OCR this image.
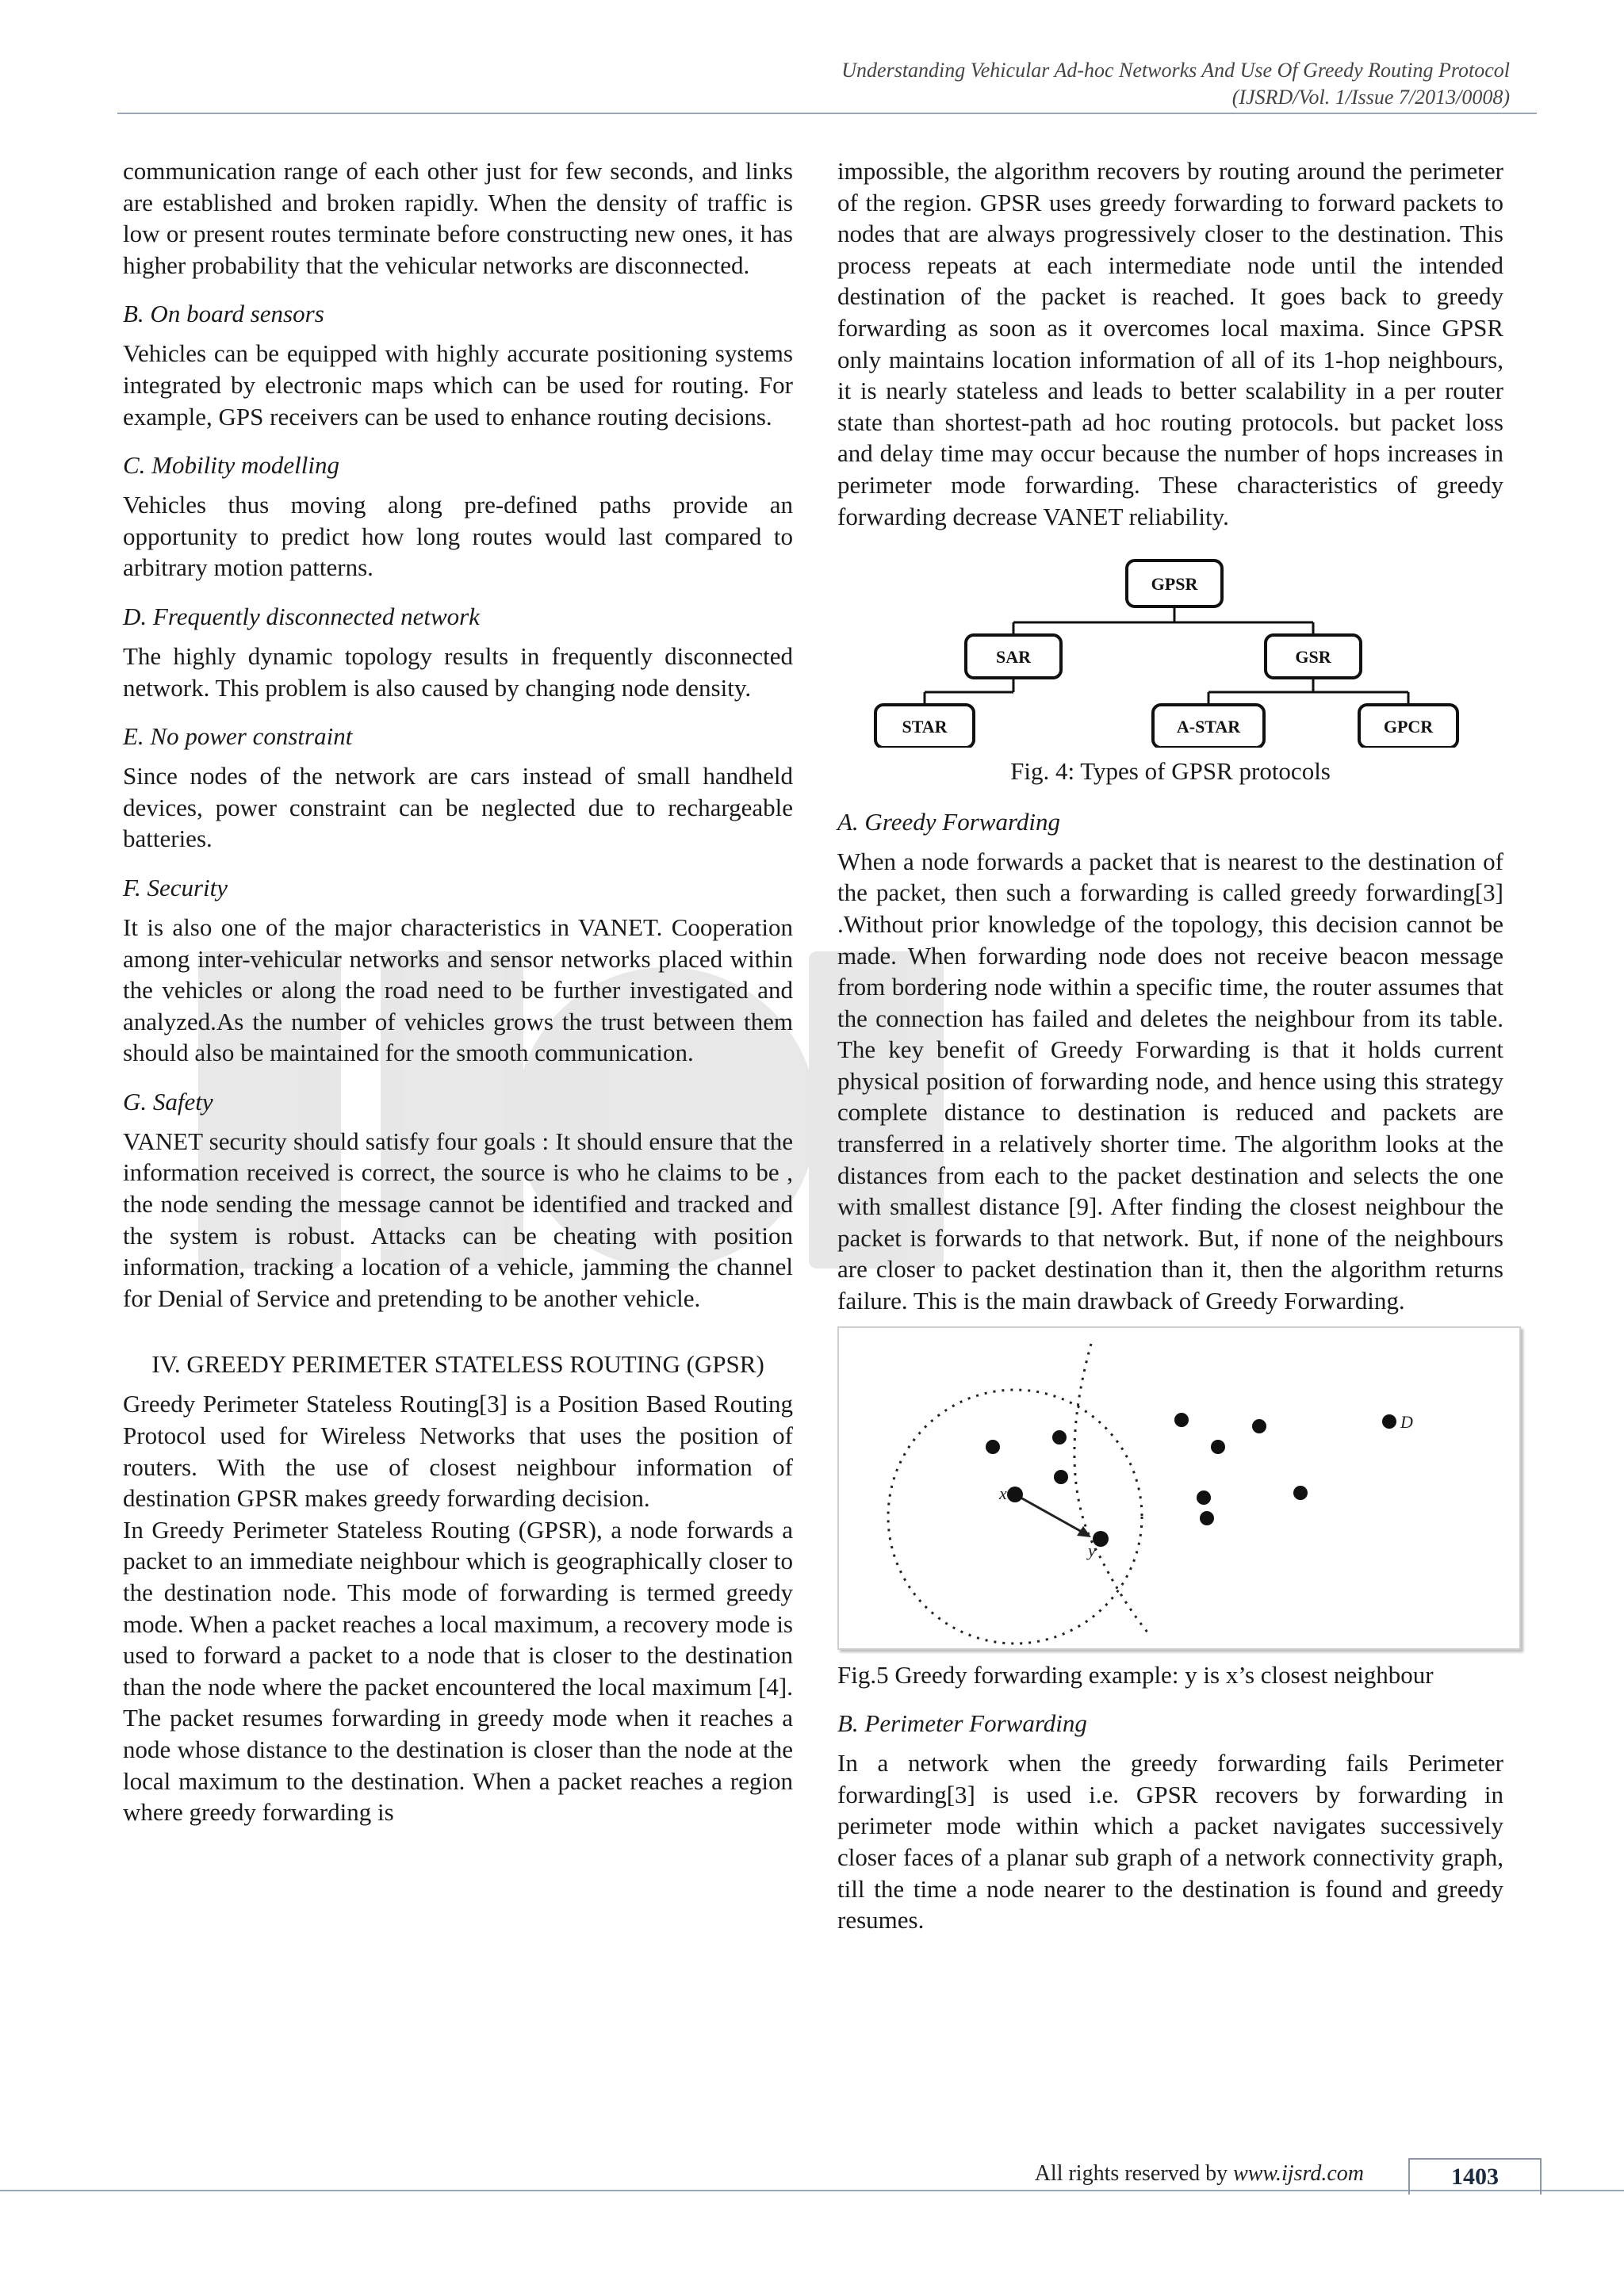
Understanding Vehicular Ad-hoc Networks And Use Of Greedy Routing Protocol
(IJSRD/Vol. 1/Issue 7/2013/0008)

communication range of each other just for few seconds, and links are established and broken rapidly. When the density of traffic is low or present routes terminate before constructing new ones, it has higher probability that the vehicular networks are disconnected.

B. On board sensors

Vehicles can be equipped with highly accurate positioning systems integrated by electronic maps which can be used for routing. For example, GPS receivers can be used to enhance routing decisions.

C. Mobility modelling

Vehicles thus moving along pre-defined paths provide an opportunity to predict how long routes would last compared to arbitrary motion patterns.

D. Frequently disconnected network

The highly dynamic topology results in frequently disconnected network. This problem is also caused by changing node density.

E. No power constraint

Since nodes of the network are cars instead of small handheld devices, power constraint can be neglected due to rechargeable batteries.

F. Security

It is also one of the major characteristics in VANET. Cooperation among inter-vehicular networks and sensor networks placed within the vehicles or along the road need to be further investigated and analyzed.As the number of vehicles grows the trust between them should also be maintained for the smooth communication.

G. Safety

VANET security should satisfy four goals : It should ensure that the information received is correct, the source is who he claims to be , the node sending the message cannot be identified and tracked and the system is robust. Attacks can be cheating with position information, tracking a location of a vehicle, jamming the channel for Denial of Service and pretending to be another vehicle.

IV. GREEDY PERIMETER STATELESS ROUTING (GPSR)

Greedy Perimeter Stateless Routing[3] is a Position Based Routing Protocol used for Wireless Networks that uses the position of routers. With the use of closest neighbour information of destination GPSR makes greedy forwarding decision.

In Greedy Perimeter Stateless Routing (GPSR), a node forwards a packet to an immediate neighbour which is geographically closer to the destination node. This mode of forwarding is termed greedy mode. When a packet reaches a local maximum, a recovery mode is used to forward a packet to a node that is closer to the destination than the node where the packet encountered the local maximum [4]. The packet resumes forwarding in greedy mode when it reaches a node whose distance to the destination is closer than the node at the local maximum to the destination. When a packet reaches a region where greedy forwarding is

impossible, the algorithm recovers by routing around the perimeter of the region. GPSR uses greedy forwarding to forward packets to nodes that are always progressively closer to the destination. This process repeats at each intermediate node until the intended destination of the packet is reached. It goes back to greedy forwarding as soon as it overcomes local maxima. Since GPSR only maintains location information of all of its 1-hop neighbours, it is nearly stateless and leads to better scalability in a per router state than shortest-path ad hoc routing protocols. but packet loss and delay time may occur because the number of hops increases in perimeter mode forwarding. These characteristics of greedy forwarding decrease VANET reliability.

GPSR
SAR	GSR
STAR	A-STAR	GPCR
Fig. 4: Types of GPSR protocols
A. Greedy Forwarding

When a node forwards a packet that is nearest to the destination of the packet, then such a forwarding is called greedy forwarding[3] .Without prior knowledge of the topology, this decision cannot be made. When forwarding node does not receive beacon message from bordering node within a specific time, the router assumes that the connection has failed and deletes the neighbour from its table. The key benefit of Greedy Forwarding is that it holds current physical position of forwarding node, and hence using this strategy complete distance to destination is reduced and packets are transferred in a relatively shorter time. The algorithm looks at the distances from each to the packet destination and selects the one with smallest distance [9]. After finding the closest neighbour the packet is forwards to that network. But, if none of the neighbours are closer to packet destination than it, then the algorithm returns failure. This is the main drawback of Greedy Forwarding.

x
y
D
Fig.5 Greedy forwarding example: y is x’s closest neighbour
B. Perimeter Forwarding

In a network when the greedy forwarding fails Perimeter forwarding[3] is used i.e. GPSR recovers by forwarding in perimeter mode within which a packet navigates successively closer faces of a planar sub graph of a network connectivity graph, till the time a node nearer to the destination is found and greedy resumes.

All rights reserved by www.ijsrd.com	1403
